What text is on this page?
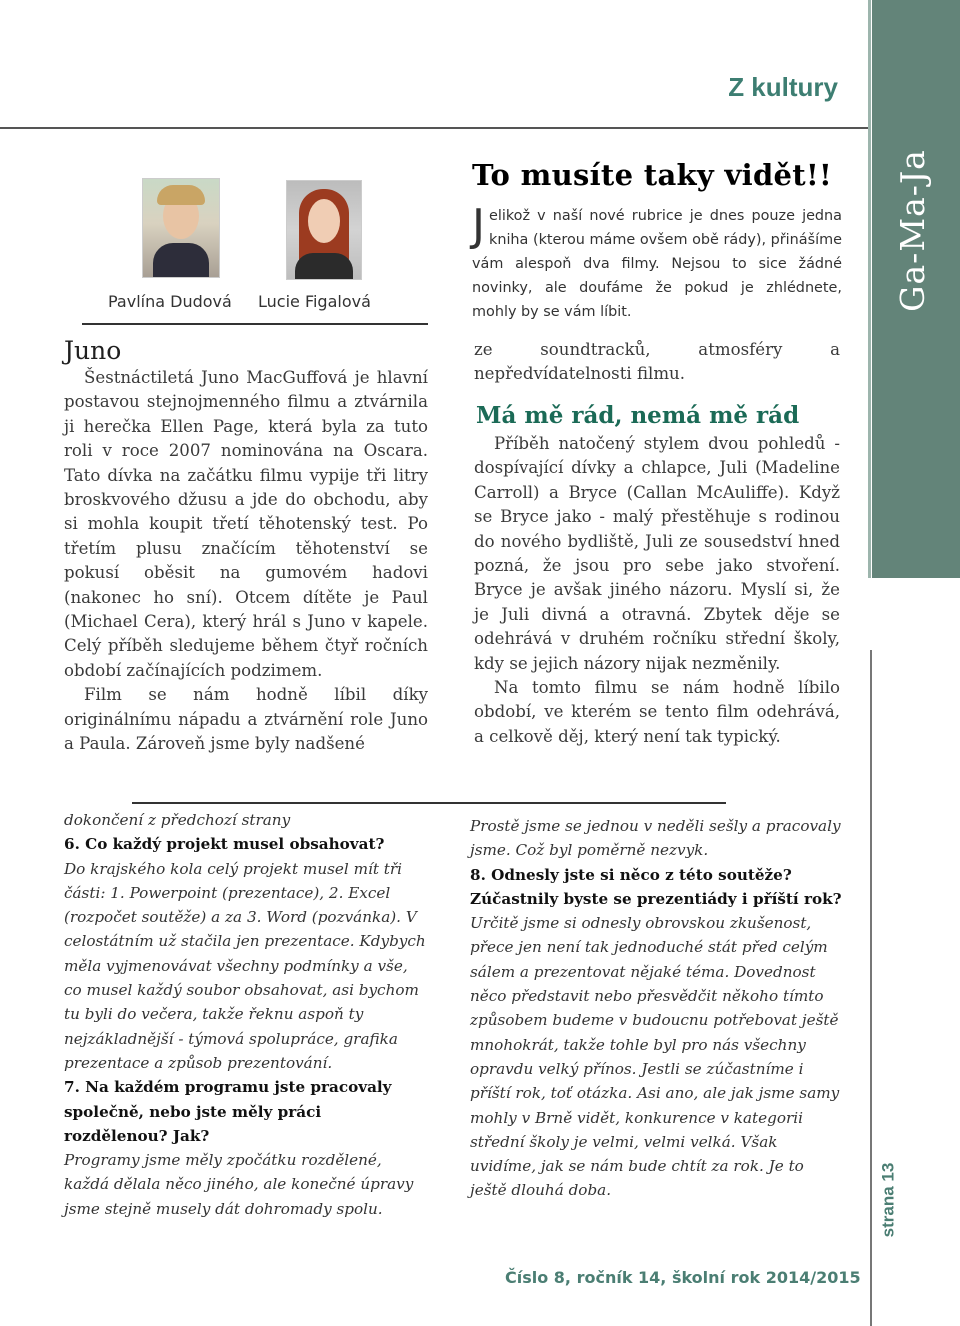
Z kultury
Ga-Ma-Ja
strana 13
Pavlína Dudová Lucie Figalová
Juno

Šestnáctiletá Juno MacGuffová je hlavní postavou stejnojmenného filmu a ztvárnila ji herečka Ellen Page, která byla za tuto roli v roce 2007 nominována na Oscara. Tato dívka na začátku filmu vypije tři litry broskvového džusu a jde do obchodu, aby si mohla koupit třetí těhotenský test. Po třetím plusu značícím těhotenství se pokusí oběsit na gumovém hadovi (nakonec ho sní). Otcem dítěte je Paul (Michael Cera), který hrál s Juno v kapele. Celý příběh sledujeme během čtyř ročních období začínajících podzimem.

Film se nám hodně líbil díky originálnímu nápadu a ztvárnění role Juno a Paula. Zároveň jsme byly nadšené

To musíte taky vidět!!
Jelikož v naší nové rubrice je dnes pouze jedna kniha (kterou máme ovšem obě rády), přinášíme vám alespoň dva filmy. Nejsou to sice žádné novinky, ale doufáme že pokud je zhlédnete, mohly by se vám líbit.
ze soundtracků, atmosféry a nepředvídatelnosti filmu.
Má mě rád, nemá mě rád

Příběh natočený stylem dvou pohledů - dospívající dívky a chlapce, Juli (Madeline Carroll) a Bryce (Callan McAuliffe). Když se Bryce jako - malý přestěhuje s rodinou do nového bydliště, Juli ze sousedství hned pozná, že jsou pro sebe jako stvoření. Bryce je avšak jiného názoru. Myslí si, že je Juli divná a otravná. Zbytek děje se odehrává v druhém ročníku střední školy, kdy se jejich názory nijak nezměnily.

Na tomto filmu se nám hodně líbilo období, ve kterém se tento film odehrává, a celkově děj, který není tak typický.

dokončení z předchozí strany

6. Co každý projekt musel obsahovat?

Do krajského kola celý projekt musel mít tři části: 1. Powerpoint (prezentace), 2. Excel (rozpočet soutěže) a za 3. Word (pozvánka). V celostátním už stačila jen prezentace. Kdybych měla vyjmenovávat všechny podmínky a vše, co musel každý soubor obsahovat, asi bychom tu byli do večera, takže řeknu aspoň ty nejzákladnější - týmová spolupráce, grafika prezentace a způsob prezentování.

7. Na každém programu jste pracovaly společně, nebo jste měly práci rozdělenou? Jak?

Programy jsme měly zpočátku rozdělené, každá dělala něco jiného, ale konečné úpravy jsme stejně musely dát dohromady spolu.

Prostě jsme se jednou v neděli sešly a pracovaly jsme. Což byl poměrně nezvyk.

8. Odnesly jste si něco z této soutěže? Zúčastnily byste se prezentiády i příští rok?

Určitě jsme si odnesly obrovskou zkušenost, přece jen není tak jednoduché stát před celým sálem a prezentovat nějaké téma. Dovednost něco představit nebo přesvědčit někoho tímto způsobem budeme v budoucnu potřebovat ještě mnohokrát, takže tohle byl pro nás všechny opravdu velký přínos. Jestli se zúčastníme i příští rok, toť otázka. Asi ano, ale jak jsme samy mohly v Brně vidět, konkurence v kategorii střední školy je velmi, velmi velká. Však uvidíme, jak se nám bude chtít za rok. Je to ještě dlouhá doba.

Číslo 8, ročník 14, školní rok 2014/2015
